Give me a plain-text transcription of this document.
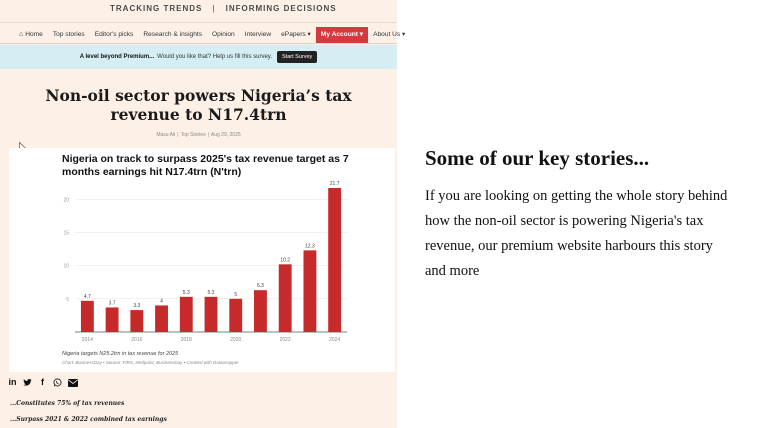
TRACKING TRENDS | INFORMING DECISIONS
⌂ Home	Top stories	Editor's picks	Research & insights	Opinion	Interview	ePapers ▾	My Account ▾	About Us ▾
A level beyond Premium... Would you like that? Help us fill this survey.	Start Survey
Non-oil sector powers Nigeria’s tax revenue to N17.4trn
Masu Ali | Top Stories | Aug 29, 2025
Nigeria on track to surpass 2025's tax revenue target as 7 months earnings hit N17.4trn (N'trn)
5
10
15
20
4.7
2014
3.7	3.3
2016
4
5.3
2018
5.3	5
2020
6.3
10.2
2022
12.3
21.7
2024
Nigeria targets N25.2trn in tax revenue for 2025
Chart: BusinessDay • Source: FIRS, Intelpoint, BusinessDay • Created with Datawrapper
in	f
...Constitutes 75% of tax revenues
...Surpass 2021 & 2022 combined tax earnings
Some of our key stories...
If you are looking on getting the whole story behind how the non-oil sector is powering Nigeria's tax revenue, our premium website harbours this story and more
